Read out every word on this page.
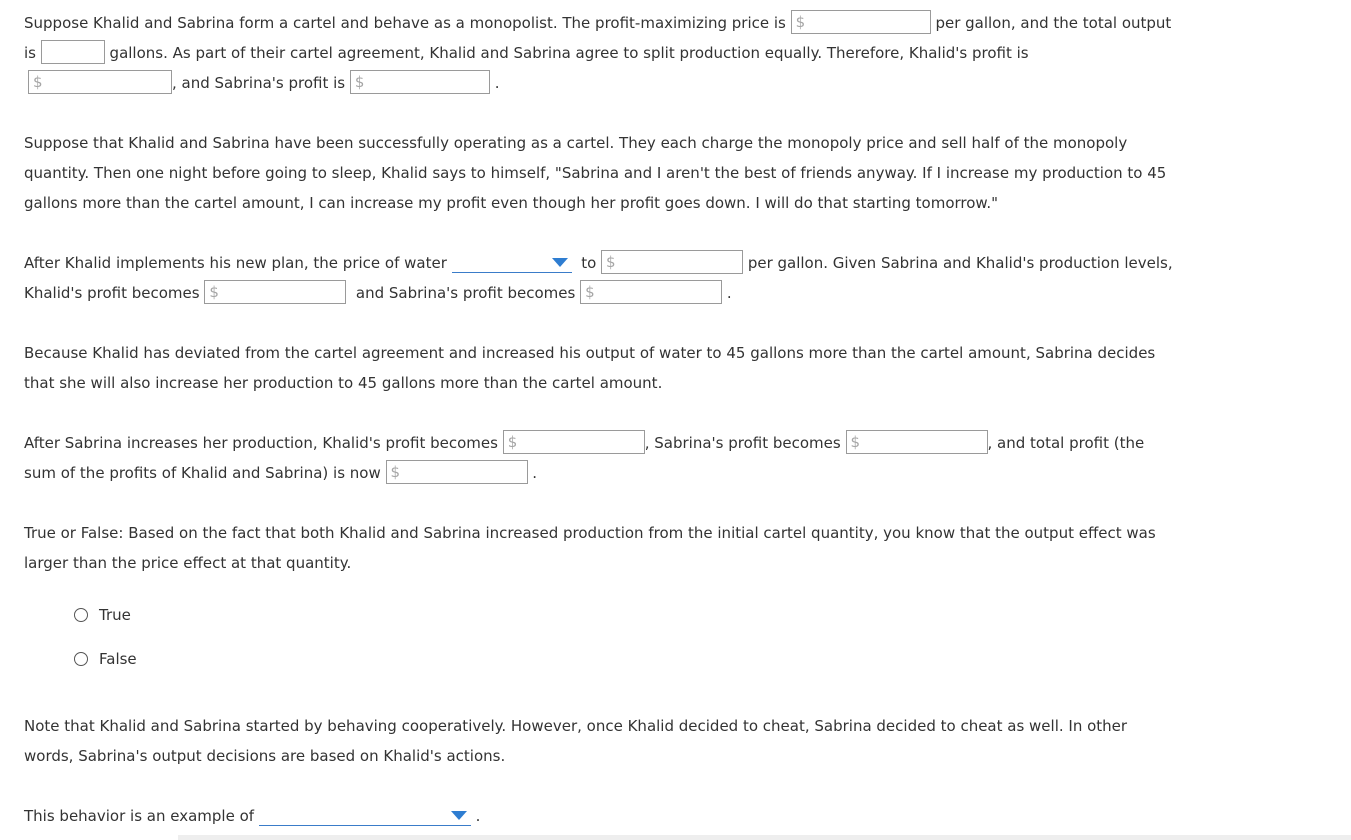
Suppose Khalid and Sabrina form a cartel and behave as a monopolist. The profit-maximizing price is $	per gallon, and the total output is	gallons. As part of their cartel agreement, Khalid and Sabrina agree to split production equally. Therefore, Khalid's profit is

$	, and Sabrina's profit is $	.

Suppose that Khalid and Sabrina have been successfully operating as a cartel. They each charge the monopoly price and sell half of the monopoly quantity. Then one night before going to sleep, Khalid says to himself, "Sabrina and I aren't the best of friends anyway. If I increase my production to 45 gallons more than the cartel amount, I can increase my profit even though her profit goes down. I will do that starting tomorrow."

After Khalid implements his new plan, the price of water	to $	per gallon. Given Sabrina and Khalid's production levels, Khalid's profit becomes $	and Sabrina's profit becomes $	.

Because Khalid has deviated from the cartel agreement and increased his output of water to 45 gallons more than the cartel amount, Sabrina decides that she will also increase her production to 45 gallons more than the cartel amount.

After Sabrina increases her production, Khalid's profit becomes $	, Sabrina's profit becomes $	, and total profit (the sum of the profits of Khalid and Sabrina) is now $	.

True or False: Based on the fact that both Khalid and Sabrina increased production from the initial cartel quantity, you know that the output effect was larger than the price effect at that quantity.

True
False

Note that Khalid and Sabrina started by behaving cooperatively. However, once Khalid decided to cheat, Sabrina decided to cheat as well. In other words, Sabrina's output decisions are based on Khalid's actions.

This behavior is an example of	.
